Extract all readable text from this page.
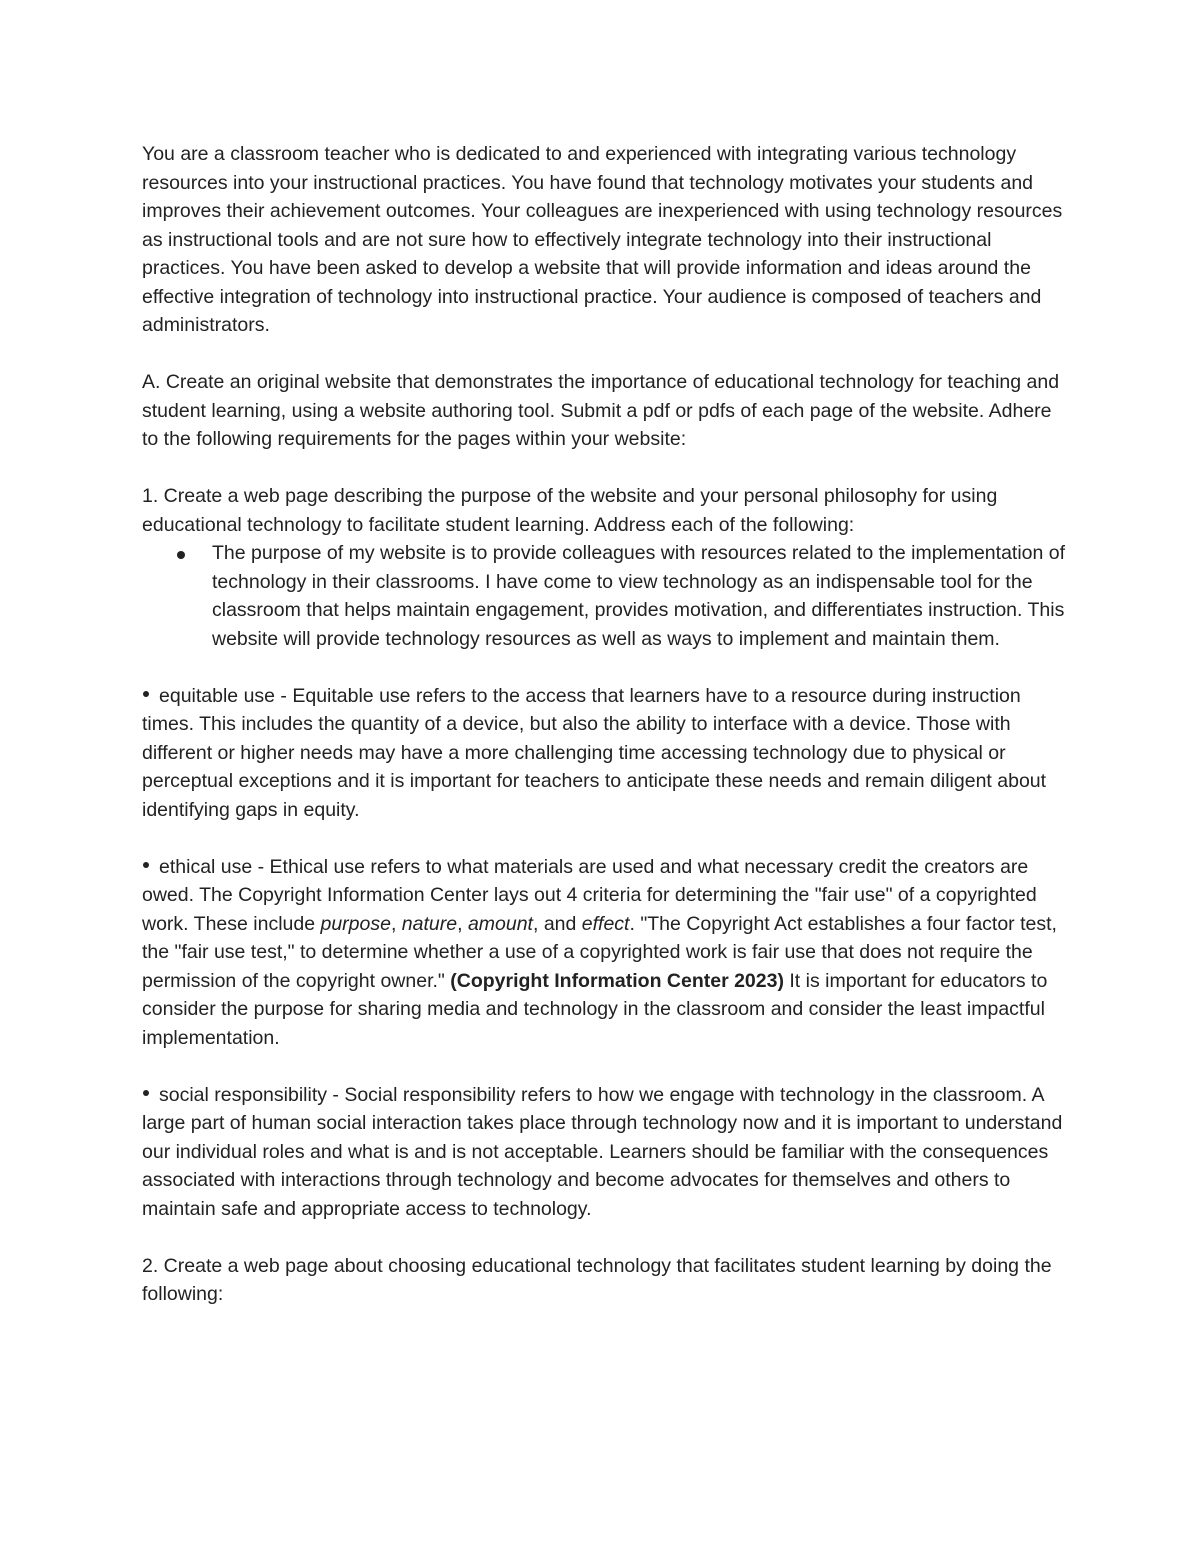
You are a classroom teacher who is dedicated to and experienced with integrating various technology resources into your instructional practices. You have found that technology motivates your students and improves their achievement outcomes. Your colleagues are inexperienced with using technology resources as instructional tools and are not sure how to effectively integrate technology into their instructional practices. You have been asked to develop a website that will provide information and ideas around the effective integration of technology into instructional practice. Your audience is composed of teachers and administrators.

A. Create an original website that demonstrates the importance of educational technology for teaching and student learning, using a website authoring tool. Submit a pdf or pdfs of each page of the website. Adhere to the following requirements for the pages within your website:

1. Create a web page describing the purpose of the website and your personal philosophy for using educational technology to facilitate student learning. Address each of the following:

The purpose of my website is to provide colleagues with resources related to the implementation of technology in their classrooms. I have come to view technology as an indispensable tool for the classroom that helps maintain engagement, provides motivation, and differentiates instruction. This website will provide technology resources as well as ways to implement and maintain them.

equitable use - Equitable use refers to the access that learners have to a resource during instruction times. This includes the quantity of a device, but also the ability to interface with a device. Those with different or higher needs may have a more challenging time accessing technology due to physical or perceptual exceptions and it is important for teachers to anticipate these needs and remain diligent about identifying gaps in equity.

ethical use - Ethical use refers to what materials are used and what necessary credit the creators are owed. The Copyright Information Center lays out 4 criteria for determining the "fair use" of a copyrighted work. These include purpose, nature, amount, and effect. "The Copyright Act establishes a four factor test, the "fair use test," to determine whether a use of a copyrighted work is fair use that does not require the permission of the copyright owner." (Copyright Information Center 2023) It is important for educators to consider the purpose for sharing media and technology in the classroom and consider the least impactful implementation.

social responsibility - Social responsibility refers to how we engage with technology in the classroom. A large part of human social interaction takes place through technology now and it is important to understand our individual roles and what is and is not acceptable. Learners should be familiar with the consequences associated with interactions through technology and become advocates for themselves and others to maintain safe and appropriate access to technology.

2. Create a web page about choosing educational technology that facilitates student learning by doing the following:
